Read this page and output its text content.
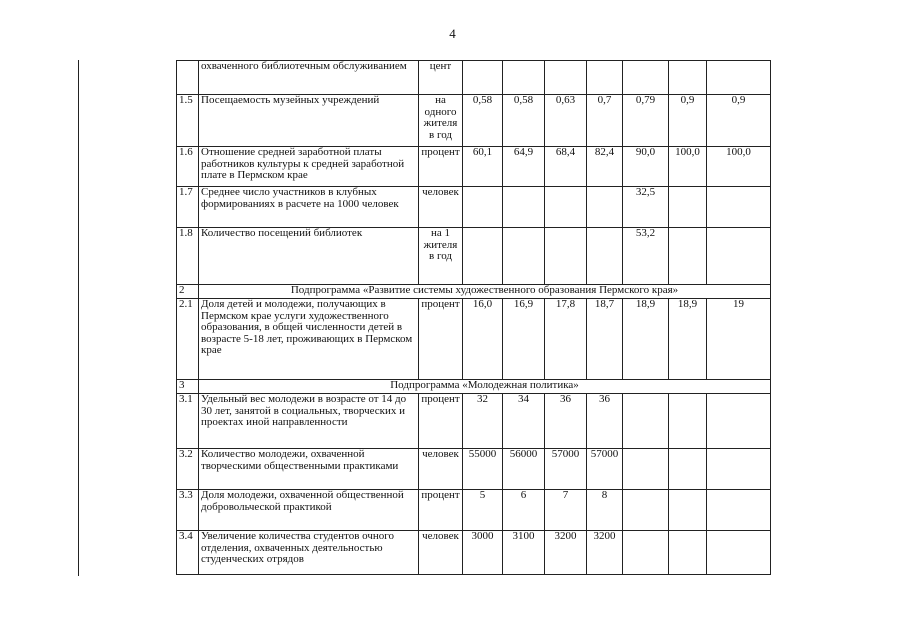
4
	охваченного библиотечным обслуживанием	цент							
1.5	Посещаемость музейных учреждений	на одного жителя в год	0,58	0,58	0,63	0,7	0,79	0,9	0,9
1.6	Отношение средней заработной платы работников культуры к средней заработной плате в Пермском крае	процент	60,1	64,9	68,4	82,4	90,0	100,0	100,0
1.7	Среднее число участников в клубных формированиях в расчете на 1000 человек	человек					32,5		
1.8	Количество посещений библиотек	на 1 жителя в год					53,2		
2	Подпрограмма «Развитие системы художественного образования Пермского края»								
2.1	Доля детей и молодежи, получающих в Пермском крае услуги художественного образования, в общей численности детей в возрасте 5-18 лет, проживающих в Пермском крае	процент	16,0	16,9	17,8	18,7	18,9	18,9	19
3	Подпрограмма «Молодежная политика»								
3.1	Удельный вес молодежи в возрасте от 14 до 30 лет, занятой в социальных, творческих и проектах иной направленности	процент	32	34	36	36			
3.2	Количество молодежи, охваченной творческими общественными практиками	человек	55000	56000	57000	57000			
3.3	Доля молодежи, охваченной общественной добровольческой практикой	процент	5	6	7	8			
3.4	Увеличение количества студентов очного отделения, охваченных деятельностью студенческих отрядов	человек	3000	3100	3200	3200			
